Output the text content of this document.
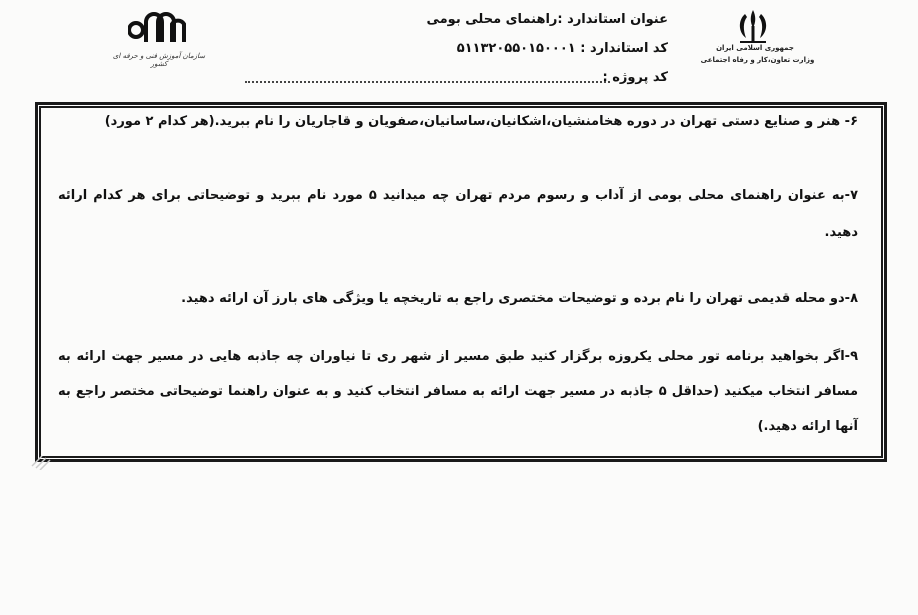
سازمان آموزش فنی و حرفه ای کشور
جمهوری اسلامی ایران
وزارت تعاون،کار و رفاه اجتماعی
عنوان استاندارد :راهنمای محلی بومی
کد استاندارد : ۵۱۱۳۲۰۵۵۰۱۵۰۰۰۱
کد پروژه :
۶- هنر و صنایع دستی تهران در دوره هخامنشیان،اشکانیان،ساسانیان،صفویان و قاجاریان را نام ببرید.(هر کدام ۲ مورد)
۷-به عنوان راهنمای محلی بومی از آداب و رسوم مردم تهران چه میدانید ۵ مورد نام ببرید و توضیحاتی برای هر کدام ارائه دهید.
۸-دو محله قدیمی تهران را نام برده و توضیحات مختصری راجع به تاریخچه یا ویژگی های بارز آن ارائه دهید.
۹-اگر بخواهید برنامه تور محلی یکروزه برگزار کنید طبق مسیر از شهر ری تا نیاوران چه جاذبه هایی در مسیر جهت ارائه به مسافر انتخاب میکنید (حداقل ۵ جاذبه در مسیر جهت ارائه به مسافر انتخاب کنید و به عنوان راهنما توضیحاتی مختصر راجع به آنها ارائه دهید.)
